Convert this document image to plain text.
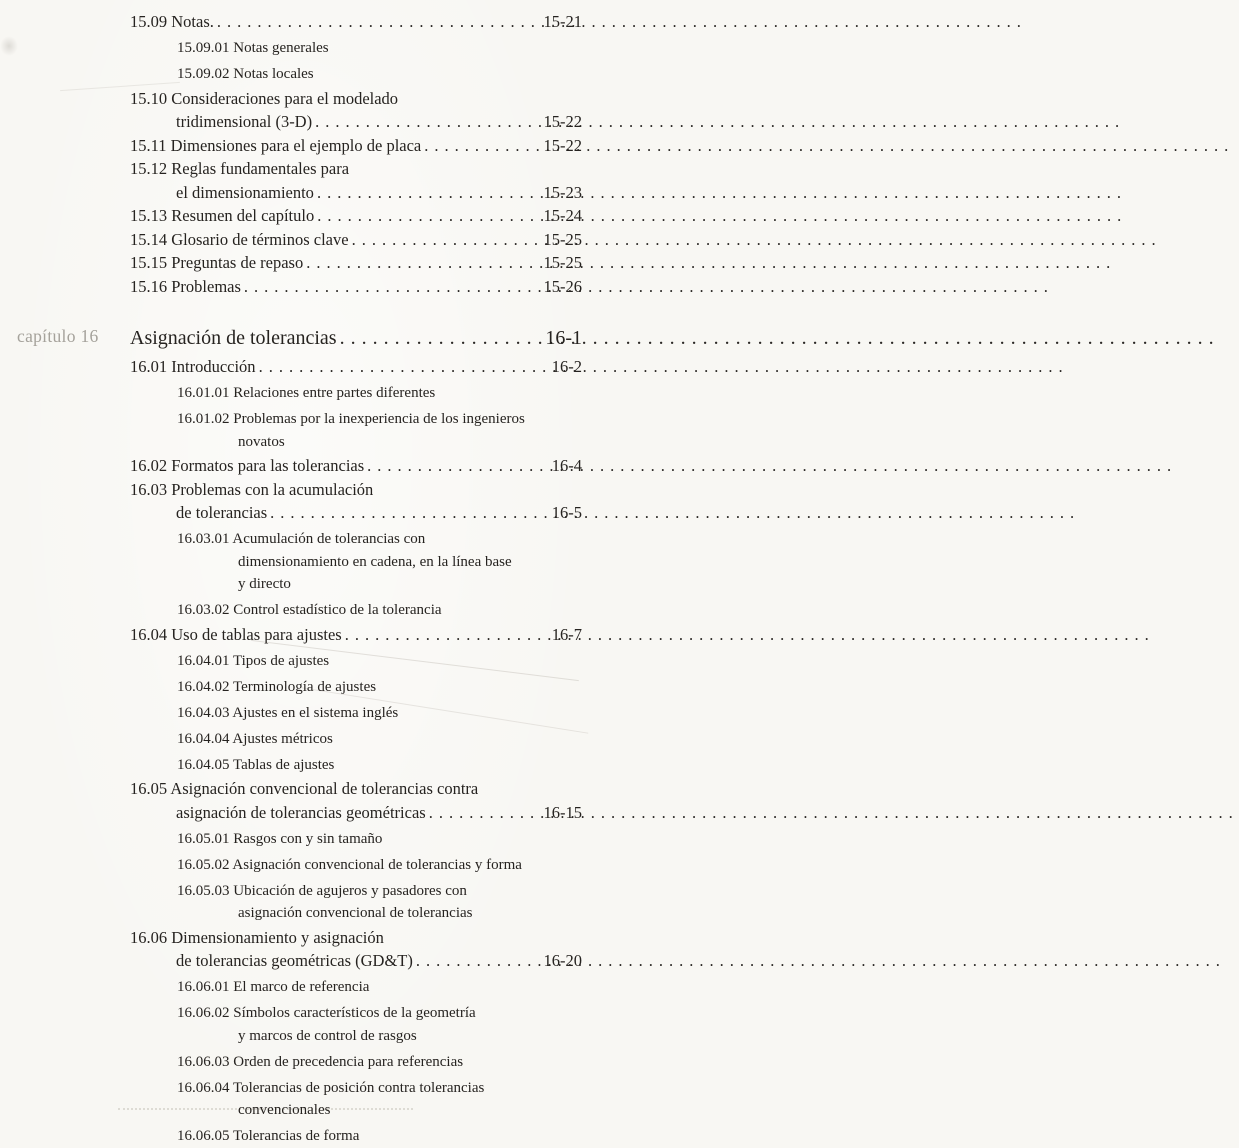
15.09 Notas. .....	15-21
15.09.01 Notas generales
15.09.02 Notas locales
15.10 Consideraciones para el modelado
tridimensional (3-D) .....	15-22
15.11 Dimensiones para el ejemplo de placa .....	15-22
15.12 Reglas fundamentales para
el dimensionamiento .....	15-23
15.13 Resumen del capítulo .....	15-24
15.14 Glosario de términos clave .....	15-25
15.15 Preguntas de repaso .....	15-25
15.16 Problemas .....	15-26
capítulo 16 Asignación de tolerancias .....	16-1
16.01 Introducción .....	16-2
16.01.01 Relaciones entre partes diferentes
16.01.02 Problemas por la inexperiencia de los ingenieros
novatos
16.02 Formatos para las tolerancias .....	16-4
16.03 Problemas con la acumulación
de tolerancias .....	16-5
16.03.01 Acumulación de tolerancias con
dimensionamiento en cadena, en la línea base
y directo
16.03.02 Control estadístico de la tolerancia
16.04 Uso de tablas para ajustes .....	16-7
16.04.01 Tipos de ajustes
16.04.02 Terminología de ajustes
16.04.03 Ajustes en el sistema inglés
16.04.04 Ajustes métricos
16.04.05 Tablas de ajustes
16.05 Asignación convencional de tolerancias contra
asignación de tolerancias geométricas .....	16-15
16.05.01 Rasgos con y sin tamaño
16.05.02 Asignación convencional de tolerancias y forma
16.05.03 Ubicación de agujeros y pasadores con
asignación convencional de tolerancias
16.06 Dimensionamiento y asignación
de tolerancias geométricas (GD&T) .....	16-20
16.06.01 El marco de referencia
16.06.02 Símbolos característicos de la geometría
y marcos de control de rasgos
16.06.03 Orden de precedencia para referencias
16.06.04 Tolerancias de posición contra tolerancias
convencionales
16.06.05 Tolerancias de forma
